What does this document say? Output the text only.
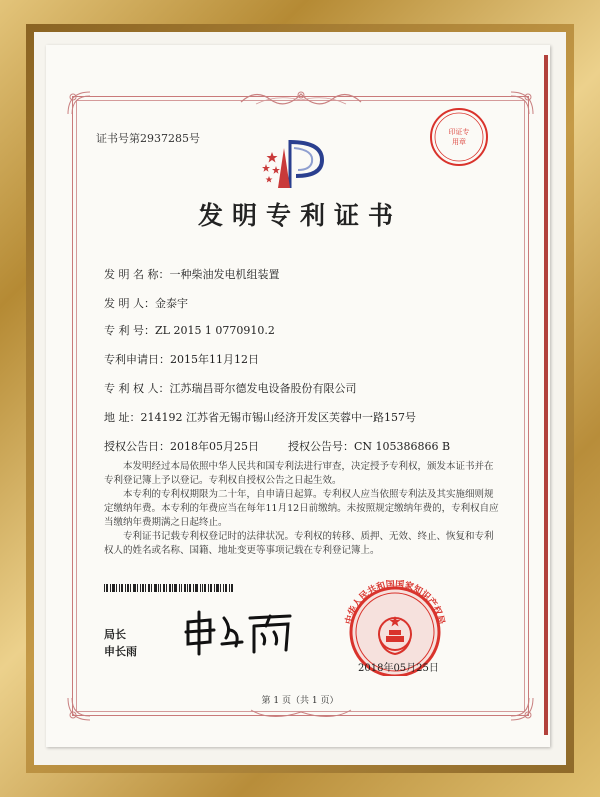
证书号第2937285号
发明专利证书
印证专
用章
发 明 名 称：一种柴油发电机组装置
发 明 人：金泰宇
专 利 号：ZL 2015 1 0770910.2
专利申请日：2015年11月12日
专 利 权 人：江苏瑞昌哥尔德发电设备股份有限公司
地 址：214192 江苏省无锡市锡山经济开发区芙蓉中一路157号
授权公告日：2018年05月25日	授权公告号：CN 105386866 B

本发明经过本局依照中华人民共和国专利法进行审查，决定授予专利权，颁发本证书并在专利登记簿上予以登记。专利权自授权公告之日起生效。

本专利的专利权期限为二十年，自申请日起算。专利权人应当依照专利法及其实施细则规定缴纳年费。本专利的年费应当在每年11月12日前缴纳。未按照规定缴纳年费的，专利权自应当缴纳年费期满之日起终止。

专利证书记载专利权登记时的法律状况。专利权的转移、质押、无效、终止、恢复和专利权人的姓名或名称、国籍、地址变更等事项记载在专利登记簿上。

局长
申长雨
中华人民共和国国家知识产权局
2018年05月25日
第 1 页（共 1 页）
